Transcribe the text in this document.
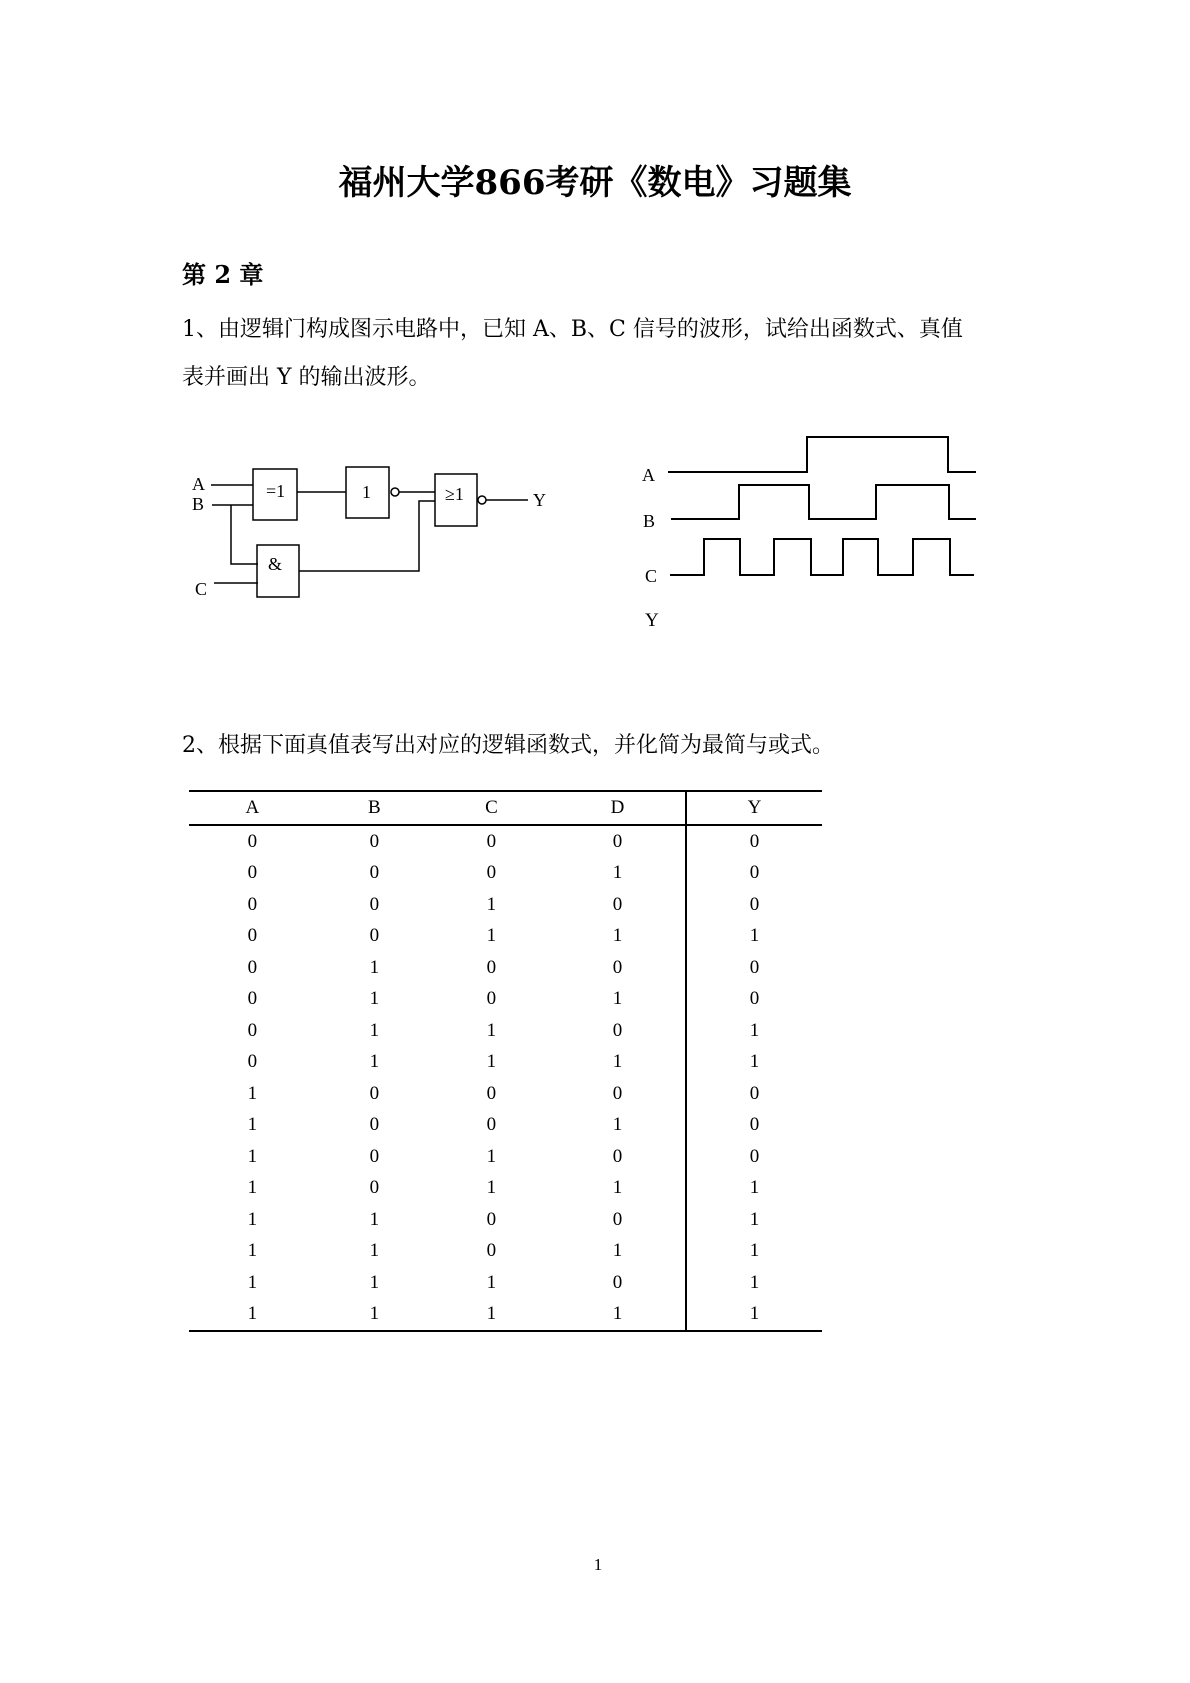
福州大学866考研《数电》习题集
第 2 章
1、由逻辑门构成图示电路中，已知 A、B、C 信号的波形，试给出函数式、真值
表并画出 Y 的输出波形。
A
B
C
=1	1
&
≥1	Y
A
B
C
Y
2、根据下面真值表写出对应的逻辑函数式，并化简为最简与或式。
A	B	C	D	Y
0	0	0	0	0
0	0	0	1	0
0	0	1	0	0
0	0	1	1	1
0	1	0	0	0
0	1	0	1	0
0	1	1	0	1
0	1	1	1	1
1	0	0	0	0
1	0	0	1	0
1	0	1	0	0
1	0	1	1	1
1	1	0	0	1
1	1	0	1	1
1	1	1	0	1
1	1	1	1	1
1
